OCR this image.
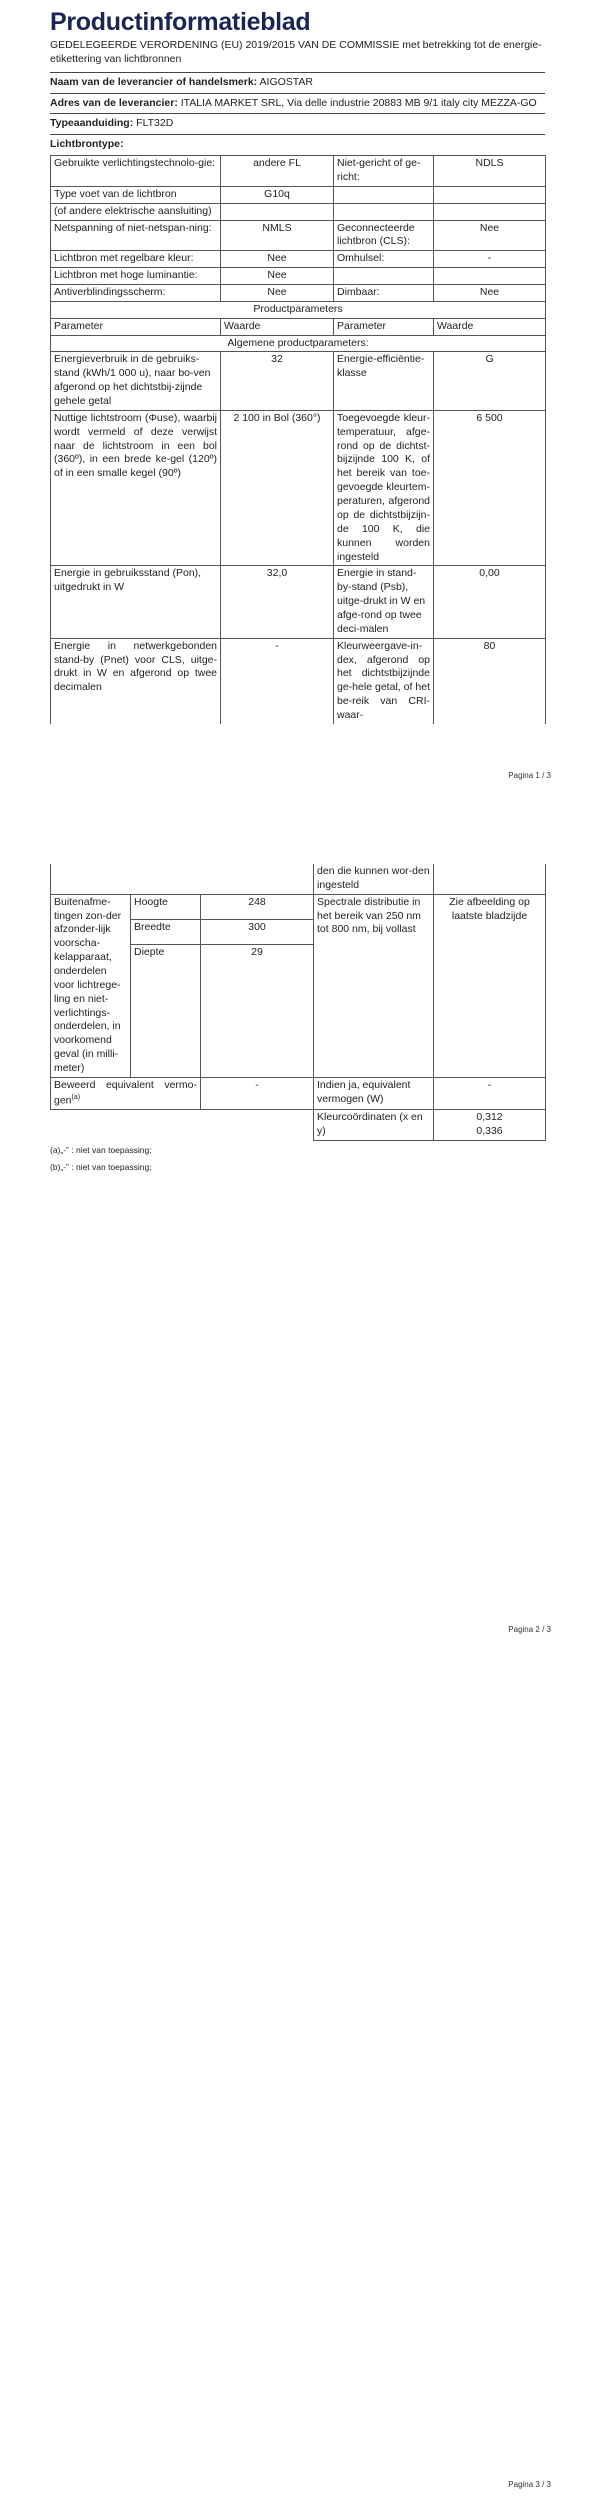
Productinformatieblad
GEDELEGEERDE VERORDENING (EU) 2019/2015 VAN DE COMMISSIE met betrekking tot de energie-etikettering van lichtbronnen
Naam van de leverancier of handelsmerk: AIGOSTAR
Adres van de leverancier: ITALIA MARKET SRL, Via delle industrie 20883 MB 9/1 italy city MEZZA-GO
Typeaanduiding: FLT32D
Lichtbrontype:
Gebruikte verlichtingstechnolo-gie:	andere FL	Niet-gericht of ge-richt:	NDLS
Type voet van de lichtbron	G10q		
(of andere elektrische aansluiting)			
Netspanning of niet-netspan-ning:	NMLS	Geconnecteerde lichtbron (CLS):	Nee
Lichtbron met regelbare kleur:	Nee	Omhulsel:	-
Lichtbron met hoge luminantie:	Nee		
Antiverblindingsscherm:	Nee	Dimbaar:	Nee
Productparameters			
Parameter	Waarde	Parameter	Waarde
Algemene productparameters:			
Energieverbruik in de gebruiks-stand (kWh/1 000 u), naar bo-ven afgerond op het dichtstbij-zijnde gehele getal	32	Energie-efficiëntie-klasse	G
Nuttige lichtstroom (Φuse), waarbij wordt vermeld of deze verwijst naar de lichtstroom in een bol (360º), in een brede ke-gel (120º) of in een smalle kegel (90º)	2 100 in Bol (360°)	Toegevoegde kleur-temperatuur, afge-rond op de dichtst-bijzijnde 100 K, of het bereik van toe-gevoegde kleurtem-peraturen, afgerond op de dichtstbijzijn-de 100 K, die kunnen worden ingesteld	6 500
Energie in gebruiksstand (Pon), uitgedrukt in W	32,0	Energie in stand-by-stand (Psb), uitge-drukt in W en afge-rond op twee deci-malen	0,00
Energie in netwerkgebonden stand-by (Pnet) voor CLS, uitge-drukt in W en afgerond op twee decimalen	-	Kleurweergave-in-dex, afgerond op het dichtstbijzijnde ge-hele getal, of het be-reik van CRI-waar-	80
Pagina 1 / 3
			den die kunnen wor-den ingesteld	
Buitenafme-tingen zon-der afzonder-lijk voorscha-kelapparaat, onderdelen voor lichtrege-ling en niet-verlichtings-onderdelen, in voorkomend geval (in milli-meter)	Hoogte	248	Spectrale distributie in het bereik van 250 nm tot 800 nm, bij vollast	Zie afbeelding op laatste bladzijde
	Breedte	300		
	Diepte	29		
Beweerd equivalent vermo-gen$^{(a)}$		-	Indien ja, equivalent vermogen (W)	-
			Kleurcoördinaten (x en y)	0,312
0,336
(a)„-” : niet van toepassing;
(b)„-” : niet van toepassing;
Pagina 2 / 3
Pagina 3 / 3
